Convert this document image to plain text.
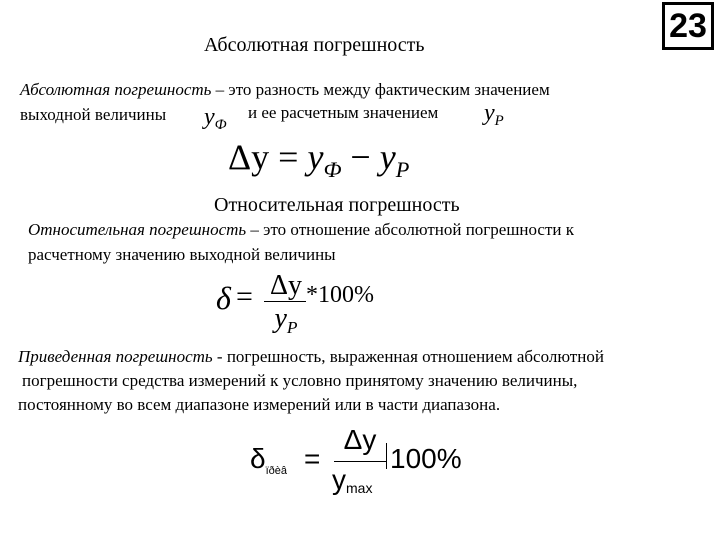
23
Абсолютная погрешность
Абсолютная погрешность – это разность между фактическим значением
выходной величины $y_Ф$
и ее расчетным значением $y_P$
$\Delta y = y_Ф - y_P$
Относительная погрешность
Относительная погрешность – это отношение абсолютной погрешности к
расчетному значению выходной величины
δ = Δy
$y_P$
*100%
Приведенная погрешность - погрешность, выраженная отношением абсолютной
погрешности средства измерений к условно принятому значению величины,
постоянному во всем диапазоне измерений или в части диапазона.
$\delta_{ïðèâ}$ =
Δy
ymax
100%
